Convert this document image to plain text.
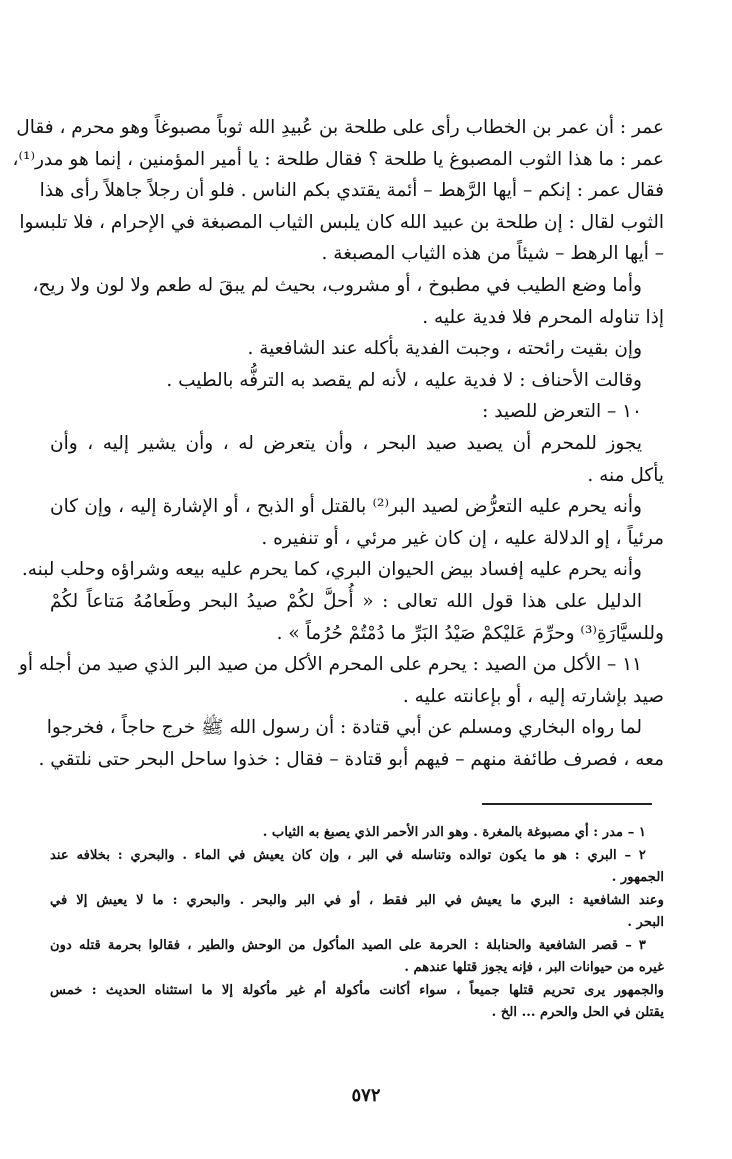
عمر : أن عمر بن الخطاب رأى على طلحة بن عُبيدِ الله ثوباً مصبوغاً وهو محرم ، فقال
عمر : ما هذا الثوب المصبوغ يا طلحة ؟ فقال طلحة : يا أمير المؤمنين ، إنما هو مدر⁽¹⁾،
فقال عمر : إنكم – أيها الرَّهط – أئمة يقتدي بكم الناس . فلو أن رجلاً جاهلاً رأى هذا
الثوب لقال : إن طلحة بن عبيد الله كان يلبس الثياب المصبغة في الإحرام ، فلا تلبسوا
– أيها الرهط – شيئاً من هذه الثياب المصبغة .
وأما وضع الطيب في مطبوخ ، أو مشروب، بحيث لم يبقَ له طعم ولا لون ولا ريح،
إذا تناوله المحرم فلا فدية عليه .
وإن بقيت رائحته ، وجبت الفدية بأكله عند الشافعية .
وقالت الأحناف : لا فدية عليه ، لأنه لم يقصد به الترفُّه بالطيب .
١٠ – التعرض للصيد :
يجوز للمحرم أن يصيد صيد البحر ، وأن يتعرض له ، وأن يشير إليه ، وأن
يأكل منه .
وأنه يحرم عليه التعرُّض لصيد البر⁽²⁾ بالقتل أو الذبح ، أو الإشارة إليه ، وإن كان
مرئياً ، إو الدلالة عليه ، إن كان غير مرئي ، أو تنفيره .
وأنه يحرم عليه إفساد بيض الحيوان البري، كما يحرم عليه بيعه وشراؤه وحلب لبنه.
الدليل على هذا قول الله تعالى : « أُحلَّ لكُمْ صيدُ البحر وطَعامُهُ مَتاعاً لكُمْ
وللسيَّارَةِ⁽³⁾ وحرِّمَ عَليْكمْ صَيْدُ البَرِّ ما دُمْتُمْ حُرُماً » .
١١ – الأكل من الصيد : يحرم على المحرم الأكل من صيد البر الذي صيد من أجله أو
صيد بإشارته إليه ، أو بإعانته عليه .
لما رواه البخاري ومسلم عن أبي قتادة : أن رسول الله ﷺ خرج حاجاً ، فخرجوا
معه ، فصرف طائفة منهم – فيهم أبو قتادة – فقال : خذوا ساحل البحر حتى نلتقي .
١ – مدر : أي مصبوغة بالمغرة . وهو الدر الأحمر الذي يصبغ به الثياب .
٢ – البري : هو ما يكون توالده وتناسله في البر ، وإن كان يعيش في الماء . والبحري : بخلافه عند
الجمهور .
وعند الشافعية : البري ما يعيش في البر فقط ، أو في البر والبحر . والبحري : ما لا يعيش إلا في
البحر .
٣ – قصر الشافعية والحنابلة : الحرمة على الصيد المأكول من الوحش والطير ، فقالوا بحرمة قتله دون
غيره من حيوانات البر ، فإنه يجوز قتلها عندهم .
والجمهور يرى تحريم قتلها جميعاً ، سواء أكانت مأكولة أم غير مأكولة إلا ما استثناه الحديث : خمس
يقتلن في الحل والحرم ... الخ .
٥٧٢
